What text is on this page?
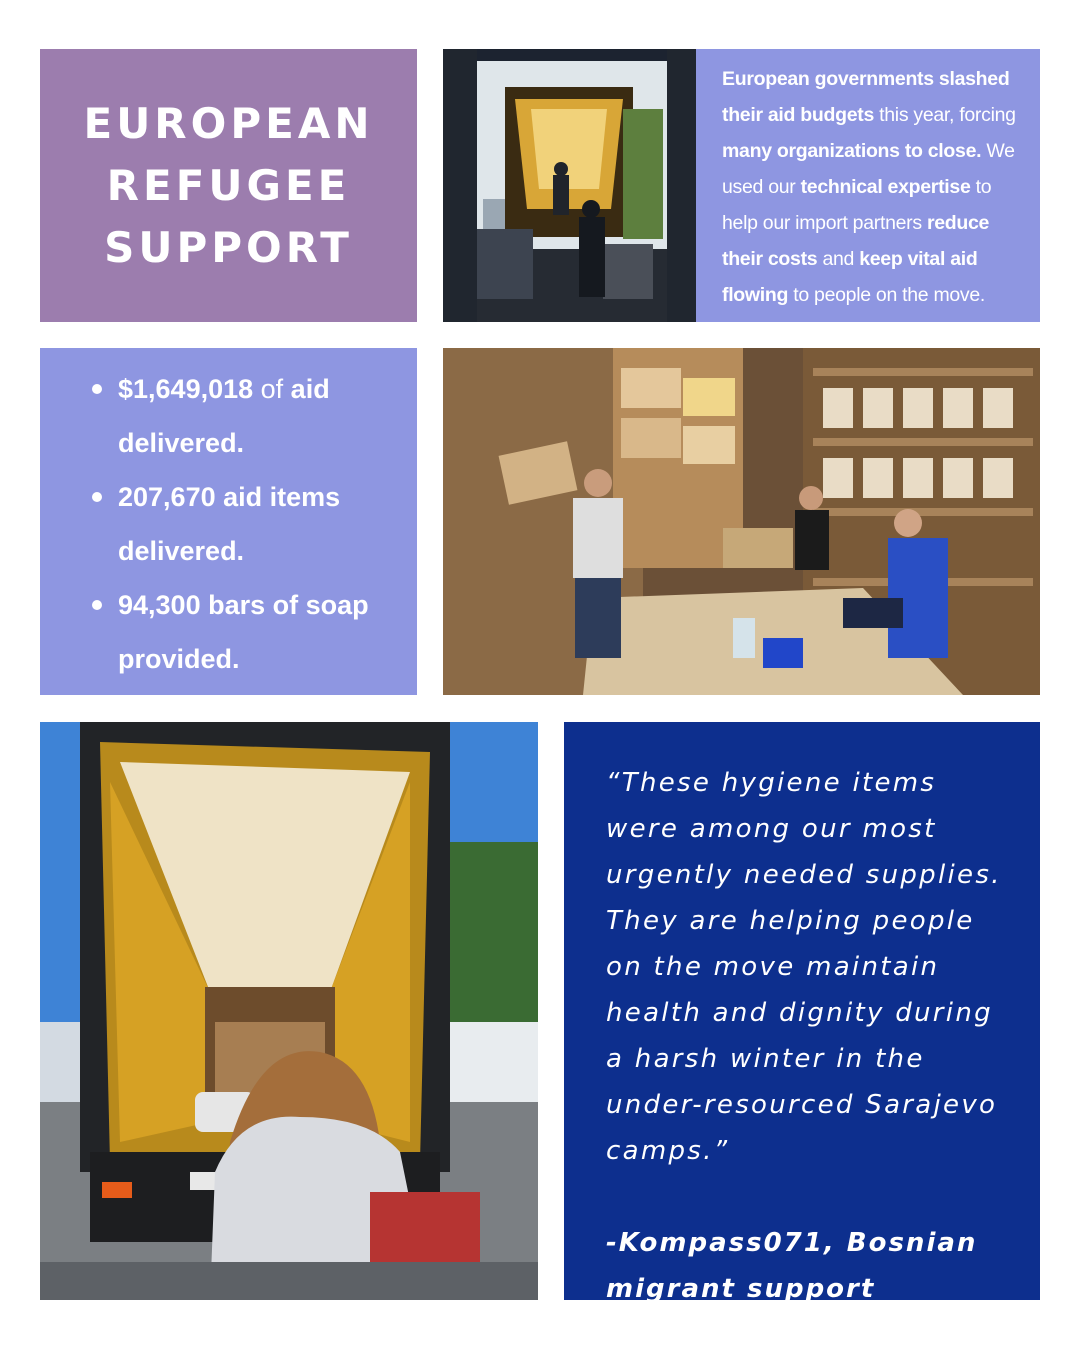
EUROPEAN
REFUGEE
SUPPORT

European governments slashed their aid budgets this year, forcing many organizations to close. We used our technical expertise to help our import partners reduce their costs and keep vital aid flowing to people on the move.

$1,649,018 of aid delivered.
207,670 aid items delivered.
94,300 bars of soap provided.

“These hygiene items were among our most urgently needed supplies. They are helping people on the move maintain health and dignity during a harsh winter in the under-resourced Sarajevo camps.”

-Kompass071, Bosnian migrant support collective
